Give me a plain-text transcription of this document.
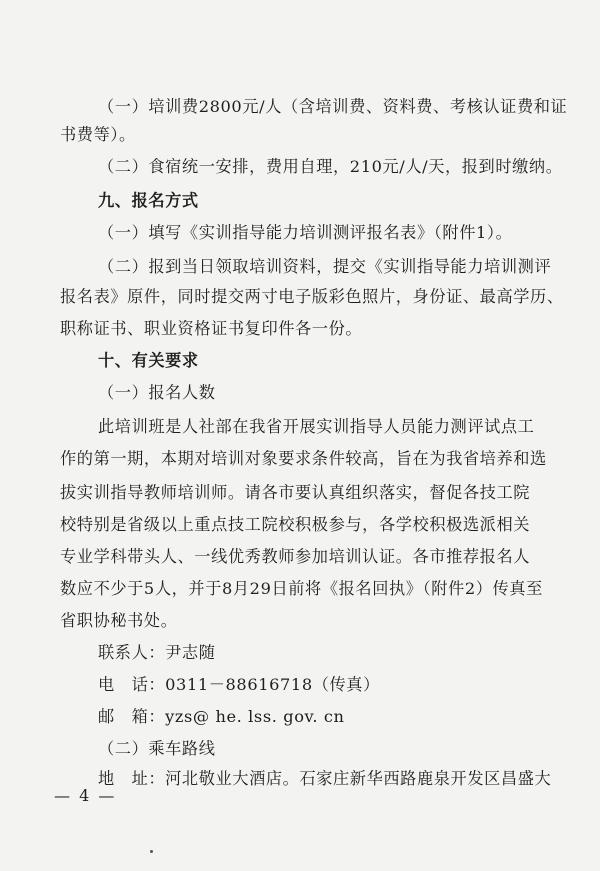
（一）培训费2800元/人（含培训费、资料费、考核认证费和证
书费等）。
（二）食宿统一安排，费用自理，210元/人/天，报到时缴纳。
九、报名方式
（一）填写《实训指导能力培训测评报名表》（附件1）。
（二）报到当日领取培训资料，提交《实训指导能力培训测评
报名表》原件，同时提交两寸电子版彩色照片，身份证、最高学历、
职称证书、职业资格证书复印件各一份。
十、有关要求
（一）报名人数
此培训班是人社部在我省开展实训指导人员能力测评试点工
作的第一期，本期对培训对象要求条件较高，旨在为我省培养和选
拔实训指导教师培训师。请各市要认真组织落实，督促各技工院
校特别是省级以上重点技工院校积极参与，各学校积极选派相关
专业学科带头人、一线优秀教师参加培训认证。各市推荐报名人
数应不少于5人，并于8月29日前将《报名回执》（附件2）传真至
省职协秘书处。
联系人：尹志随
电　话：0311－88616718（传真）
邮　箱：yzs@ he. lss. gov. cn
（二）乘车路线
地　址：河北敬业大酒店。石家庄新华西路鹿泉开发区昌盛大
— 4 —
